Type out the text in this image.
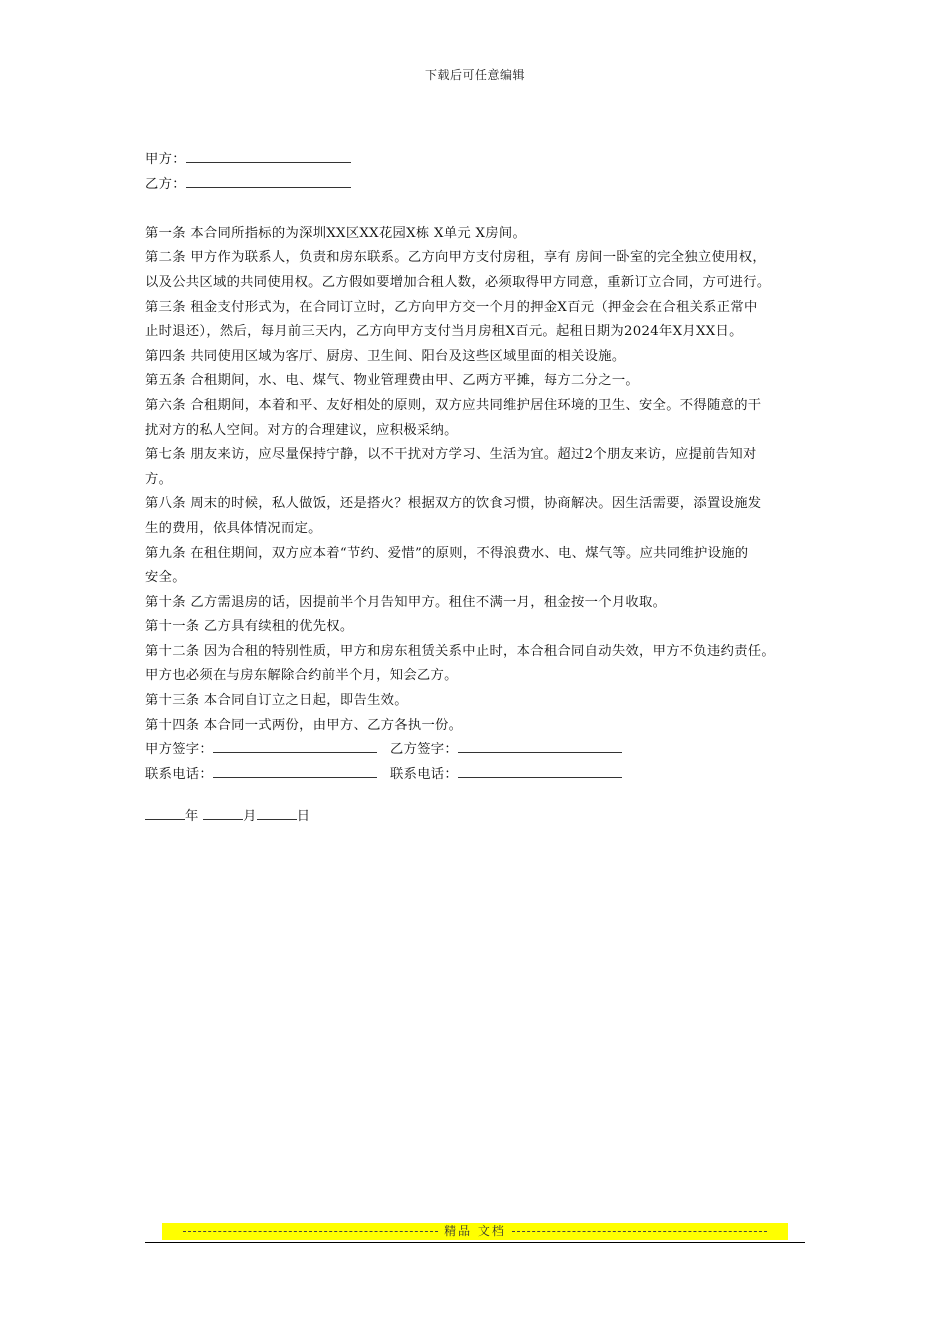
下载后可任意编辑
甲方：
乙方：
第一条 本合同所指标的为深圳XX区XX花园X栋 X单元 X房间。
第二条 甲方作为联系人，负责和房东联系。乙方向甲方支付房租，享有 房间一卧室的完全独立使用权，
以及公共区域的共同使用权。乙方假如要增加合租人数，必须取得甲方同意，重新订立合同，方可进行。
第三条 租金支付形式为，在合同订立时，乙方向甲方交一个月的押金X百元（押金会在合租关系正常中
止时退还），然后，每月前三天内，乙方向甲方支付当月房租X百元。起租日期为2024年X月XX日。
第四条 共同使用区域为客厅、厨房、卫生间、阳台及这些区域里面的相关设施。
第五条 合租期间，水、电、煤气、物业管理费由甲、乙两方平摊，每方二分之一。
第六条 合租期间，本着和平、友好相处的原则，双方应共同维护居住环境的卫生、安全。不得随意的干
扰对方的私人空间。对方的合理建议，应积极采纳。
第七条 朋友来访，应尽量保持宁静，以不干扰对方学习、生活为宜。超过2个朋友来访，应提前告知对
方。
第八条 周末的时候，私人做饭，还是搭火？根据双方的饮食习惯，协商解决。因生活需要，添置设施发
生的费用，依具体情况而定。
第九条 在租住期间，双方应本着“节约、爱惜”的原则，不得浪费水、电、煤气等。应共同维护设施的
安全。
第十条 乙方需退房的话，因提前半个月告知甲方。租住不满一月，租金按一个月收取。
第十一条 乙方具有续租的优先权。
第十二条 因为合租的特别性质，甲方和房东租赁关系中止时，本合租合同自动失效，甲方不负违约责任。
甲方也必须在与房东解除合约前半个月，知会乙方。
第十三条 本合同自订立之日起，即告生效。
第十四条 本合同一式两份，由甲方、乙方各执一份。
甲方签字：	乙方签字：
联系电话：	联系电话：
年	月	日
精品 文档
